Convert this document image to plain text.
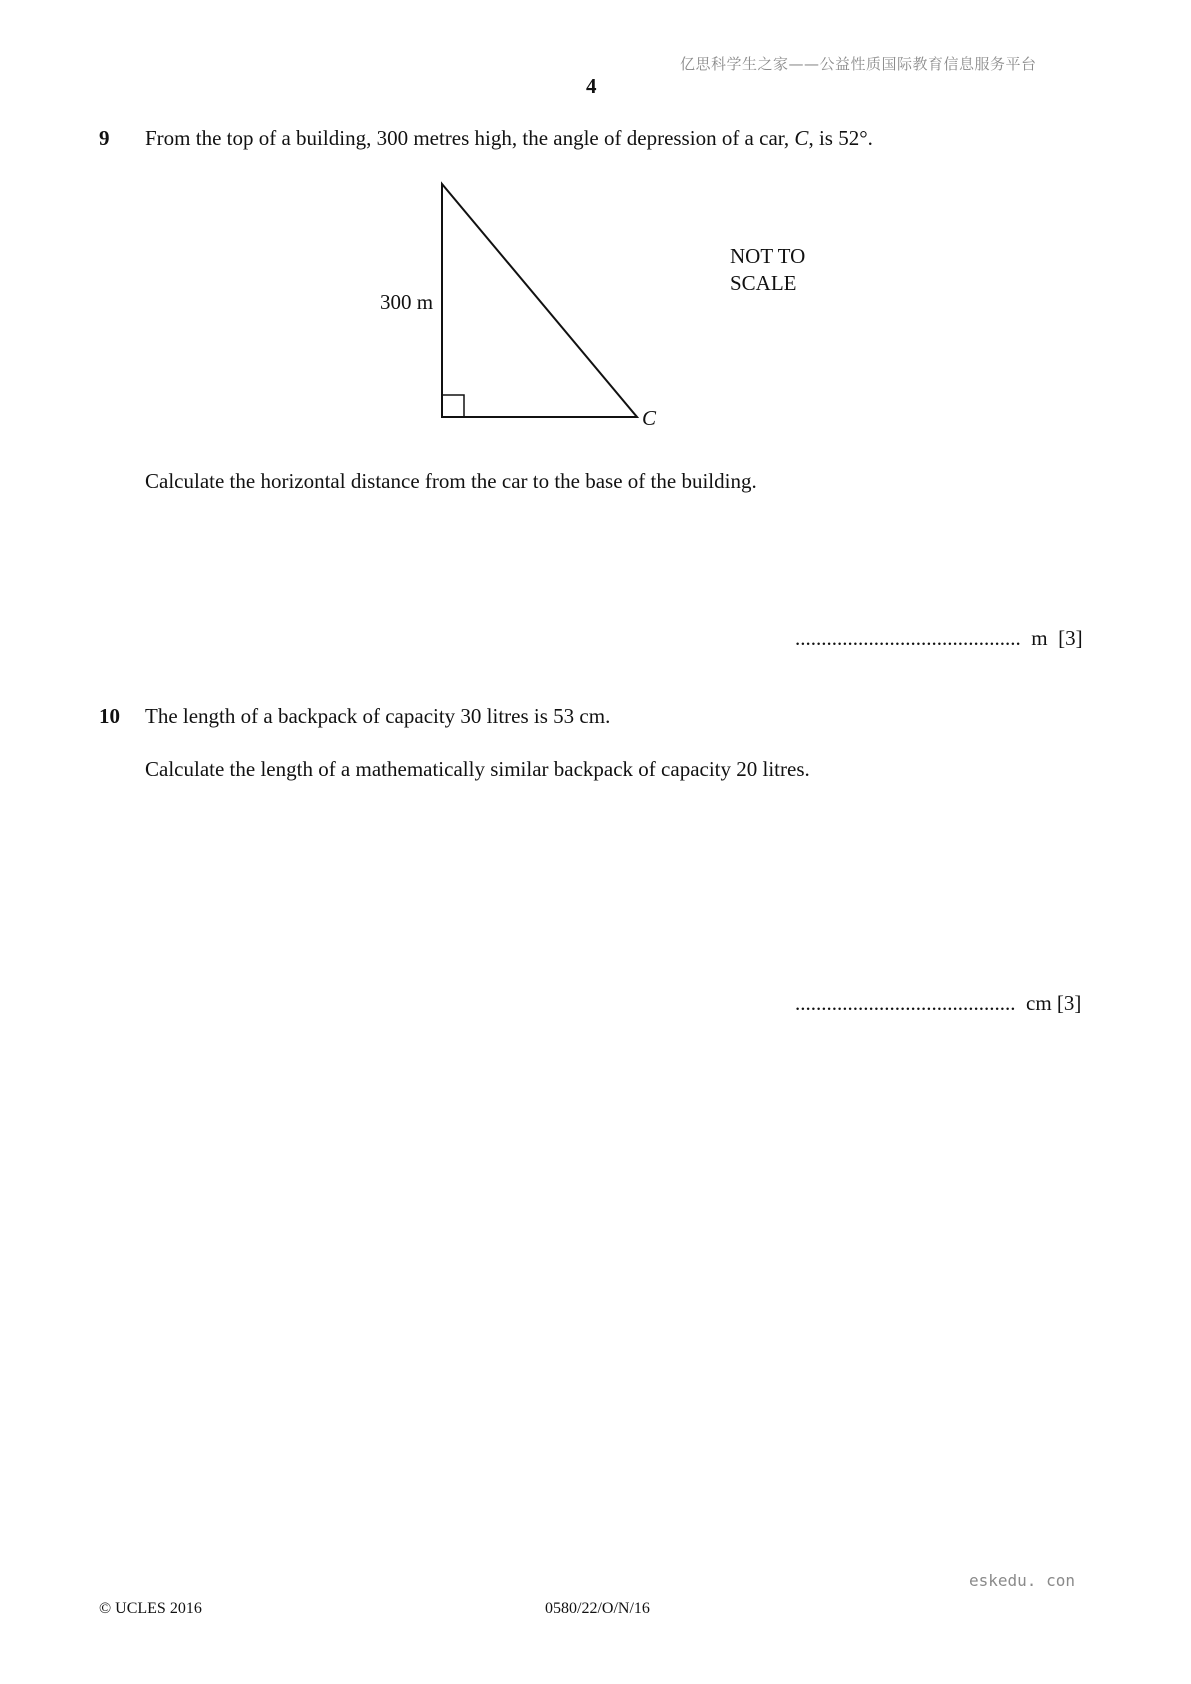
亿思科学生之家——公益性质国际教育信息服务平台
4
9 From the top of a building, 300 metres high, the angle of depression of a car, C, is 52°.
300 m
C
NOT TO
SCALE
Calculate the horizontal distance from the car to the base of the building.
........................................... m [3]
10 The length of a backpack of capacity 30 litres is 53 cm.
Calculate the length of a mathematically similar backpack of capacity 20 litres.
.......................................... cm [3]
eskedu. con
© UCLES 2016	0580/22/O/N/16
